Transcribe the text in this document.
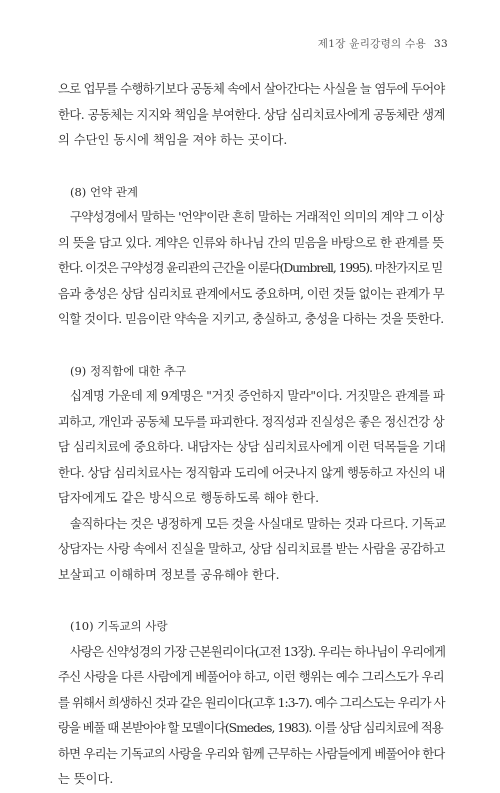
제1장 윤리강령의 수용 33

으로 업무를 수행하기보다 공동체 속에서 살아간다는 사실을 늘 염두에 두어야

한다. 공동체는 지지와 책임을 부여한다. 상담 심리치료사에게 공동체란 생계

의 수단인 동시에 책임을 져야 하는 곳이다.

(8) 언약 관계

구약성경에서 말하는 '언약'이란 흔히 말하는 거래적인 의미의 계약 그 이상

의 뜻을 담고 있다. 계약은 인류와 하나님 간의 믿음을 바탕으로 한 관계를 뜻

한다. 이것은 구약성경 윤리관의 근간을 이룬다(Dumbrell, 1995). 마찬가지로 믿

음과 충성은 상담 심리치료 관계에서도 중요하며, 이런 것들 없이는 관계가 무

익할 것이다. 믿음이란 약속을 지키고, 충실하고, 충성을 다하는 것을 뜻한다.

(9) 정직함에 대한 추구

십계명 가운데 제 9계명은 "거짓 증언하지 말라"이다. 거짓말은 관계를 파

괴하고, 개인과 공동체 모두를 파괴한다. 정직성과 진실성은 좋은 정신건강 상

담 심리치료에 중요하다. 내담자는 상담 심리치료사에게 이런 덕목들을 기대

한다. 상담 심리치료사는 정직함과 도리에 어긋나지 않게 행동하고 자신의 내

담자에게도 같은 방식으로 행동하도록 해야 한다.

솔직하다는 것은 냉정하게 모든 것을 사실대로 말하는 것과 다르다. 기독교

상담자는 사랑 속에서 진실을 말하고, 상담 심리치료를 받는 사람을 공감하고

보살피고 이해하며 정보를 공유해야 한다.

(10) 기독교의 사랑

사랑은 신약성경의 가장 근본원리이다(고전 13장). 우리는 하나님이 우리에게

주신 사랑을 다른 사람에게 베풀어야 하고, 이런 행위는 예수 그리스도가 우리

를 위해서 희생하신 것과 같은 원리이다(고후 1:3-7). 예수 그리스도는 우리가 사

랑을 베풀 때 본받아야 할 모델이다(Smedes, 1983). 이를 상담 심리치료에 적용

하면 우리는 기독교의 사랑을 우리와 함께 근무하는 사람들에게 베풀어야 한다

는 뜻이다.
